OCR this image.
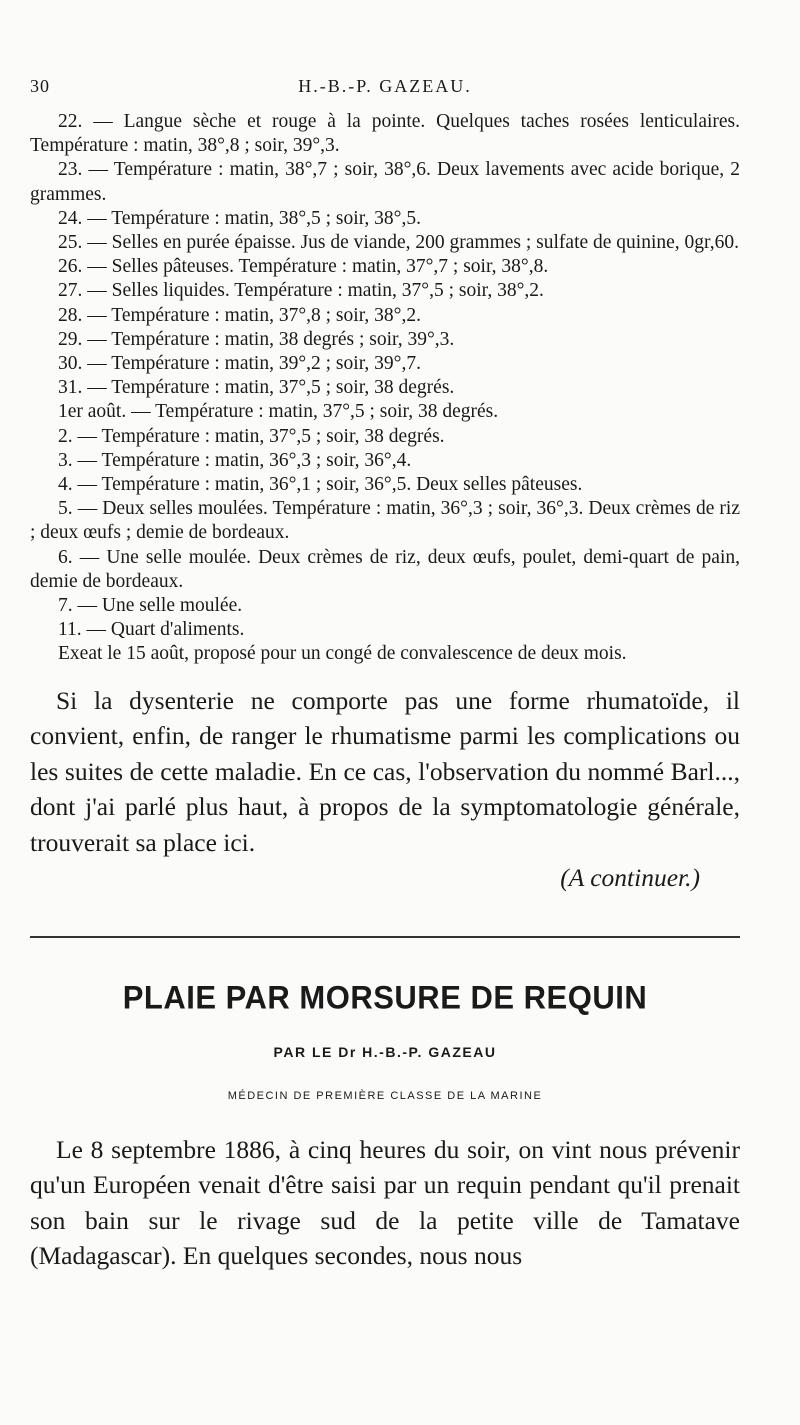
30	H.-B.-P. GAZEAU.

22. — Langue sèche et rouge à la pointe. Quelques taches rosées lenticulaires. Température : matin, 38°,8 ; soir, 39°,3.

23. — Température : matin, 38°,7 ; soir, 38°,6. Deux lavements avec acide borique, 2 grammes.

24. — Température : matin, 38°,5 ; soir, 38°,5.

25. — Selles en purée épaisse. Jus de viande, 200 grammes ; sulfate de quinine, 0gr,60.

26. — Selles pâteuses. Température : matin, 37°,7 ; soir, 38°,8.

27. — Selles liquides. Température : matin, 37°,5 ; soir, 38°,2.

28. — Température : matin, 37°,8 ; soir, 38°,2.

29. — Température : matin, 38 degrés ; soir, 39°,3.

30. — Température : matin, 39°,2 ; soir, 39°,7.

31. — Température : matin, 37°,5 ; soir, 38 degrés.

1er août. — Température : matin, 37°,5 ; soir, 38 degrés.

2. — Température : matin, 37°,5 ; soir, 38 degrés.

3. — Température : matin, 36°,3 ; soir, 36°,4.

4. — Température : matin, 36°,1 ; soir, 36°,5. Deux selles pâteuses.

5. — Deux selles moulées. Température : matin, 36°,3 ; soir, 36°,3. Deux crèmes de riz ; deux œufs ; demie de bordeaux.

6. — Une selle moulée. Deux crèmes de riz, deux œufs, poulet, demi-quart de pain, demie de bordeaux.

7. — Une selle moulée.

11. — Quart d'aliments.

Exeat le 15 août, proposé pour un congé de convalescence de deux mois.

Si la dysenterie ne comporte pas une forme rhumatoïde, il convient, enfin, de ranger le rhumatisme parmi les complications ou les suites de cette maladie. En ce cas, l'observation du nommé Barl..., dont j'ai parlé plus haut, à propos de la symptomatologie générale, trouverait sa place ici.

(A continuer.)
PLAIE PAR MORSURE DE REQUIN
PAR LE Dr H.-B.-P. GAZEAU
MÉDECIN DE PREMIÈRE CLASSE DE LA MARINE

Le 8 septembre 1886, à cinq heures du soir, on vint nous prévenir qu'un Européen venait d'être saisi par un requin pendant qu'il prenait son bain sur le rivage sud de la petite ville de Tamatave (Madagascar). En quelques secondes, nous nous
